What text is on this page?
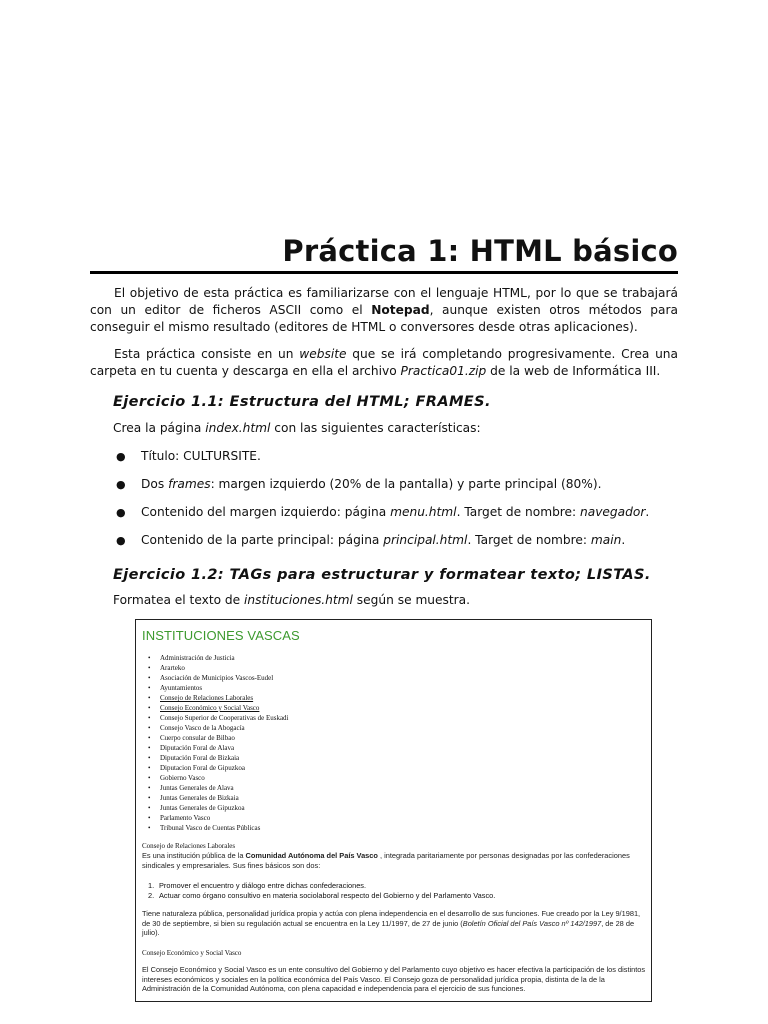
Práctica 1: HTML básico
El objetivo de esta práctica es familiarizarse con el lenguaje HTML, por lo que se trabajará con un editor de ficheros ASCII como el Notepad, aunque existen otros métodos para conseguir el mismo resultado (editores de HTML o conversores desde otras aplicaciones).
Esta práctica consiste en un website que se irá completando progresivamente. Crea una carpeta en tu cuenta y descarga en ella el archivo Practica01.zip de la web de Informática III.
Ejercicio 1.1: Estructura del HTML; FRAMES.
Crea la página index.html con las siguientes características:
● Título: CULTURSITE.
● Dos frames: margen izquierdo (20% de la pantalla) y parte principal (80%).
● Contenido del margen izquierdo: página menu.html. Target de nombre: navegador.
● Contenido de la parte principal: página principal.html. Target de nombre: main.
Ejercicio 1.2: TAGs para estructurar y formatear texto; LISTAS.
Formatea el texto de instituciones.html según se muestra.
INSTITUCIONES VASCAS
• Administración de Justicia
• Ararteko
• Asociación de Municipios Vascos-Eudel
• Ayuntamientos
• Consejo de Relaciones Laborales
• Consejo Económico y Social Vasco
• Consejo Superior de Cooperativas de Euskadi
• Consejo Vasco de la Abogacía
• Cuerpo consular de Bilbao
• Diputación Foral de Alava
• Diputación Foral de Bizkaia
• Diputacion Foral de Gipuzkoa
• Gobierno Vasco
• Juntas Generales de Alava
• Juntas Generales de Bizkaia
• Juntas Generales de Gipuzkoa
• Parlamento Vasco
• Tribunal Vasco de Cuentas Públicas
Consejo de Relaciones Laborales
Es una institución pública de la Comunidad Autónoma del País Vasco , integrada paritariamente por personas designadas por las confederaciones sindicales y empresariales. Sus fines básicos son dos:
1. Promover el encuentro y diálogo entre dichas confederaciones.
2. Actuar como órgano consultivo en materia sociolaboral respecto del Gobierno y del Parlamento Vasco.
Tiene naturaleza pública, personalidad jurídica propia y actúa con plena independencia en el desarrollo de sus funciones. Fue creado por la Ley 9/1981, de 30 de septiembre, si bien su regulación actual se encuentra en la Ley 11/1997, de 27 de junio (Boletín Oficial del País Vasco nº 142/1997, de 28 de julio).
Consejo Económico y Social Vasco
El Consejo Económico y Social Vasco es un ente consultivo del Gobierno y del Parlamento cuyo objetivo es hacer efectiva la participación de los distintos intereses económicos y sociales en la política económica del País Vasco. El Consejo goza de personalidad jurídica propia, distinta de la de la Administración de la Comunidad Autónoma, con plena capacidad e independencia para el ejercicio de sus funciones.
